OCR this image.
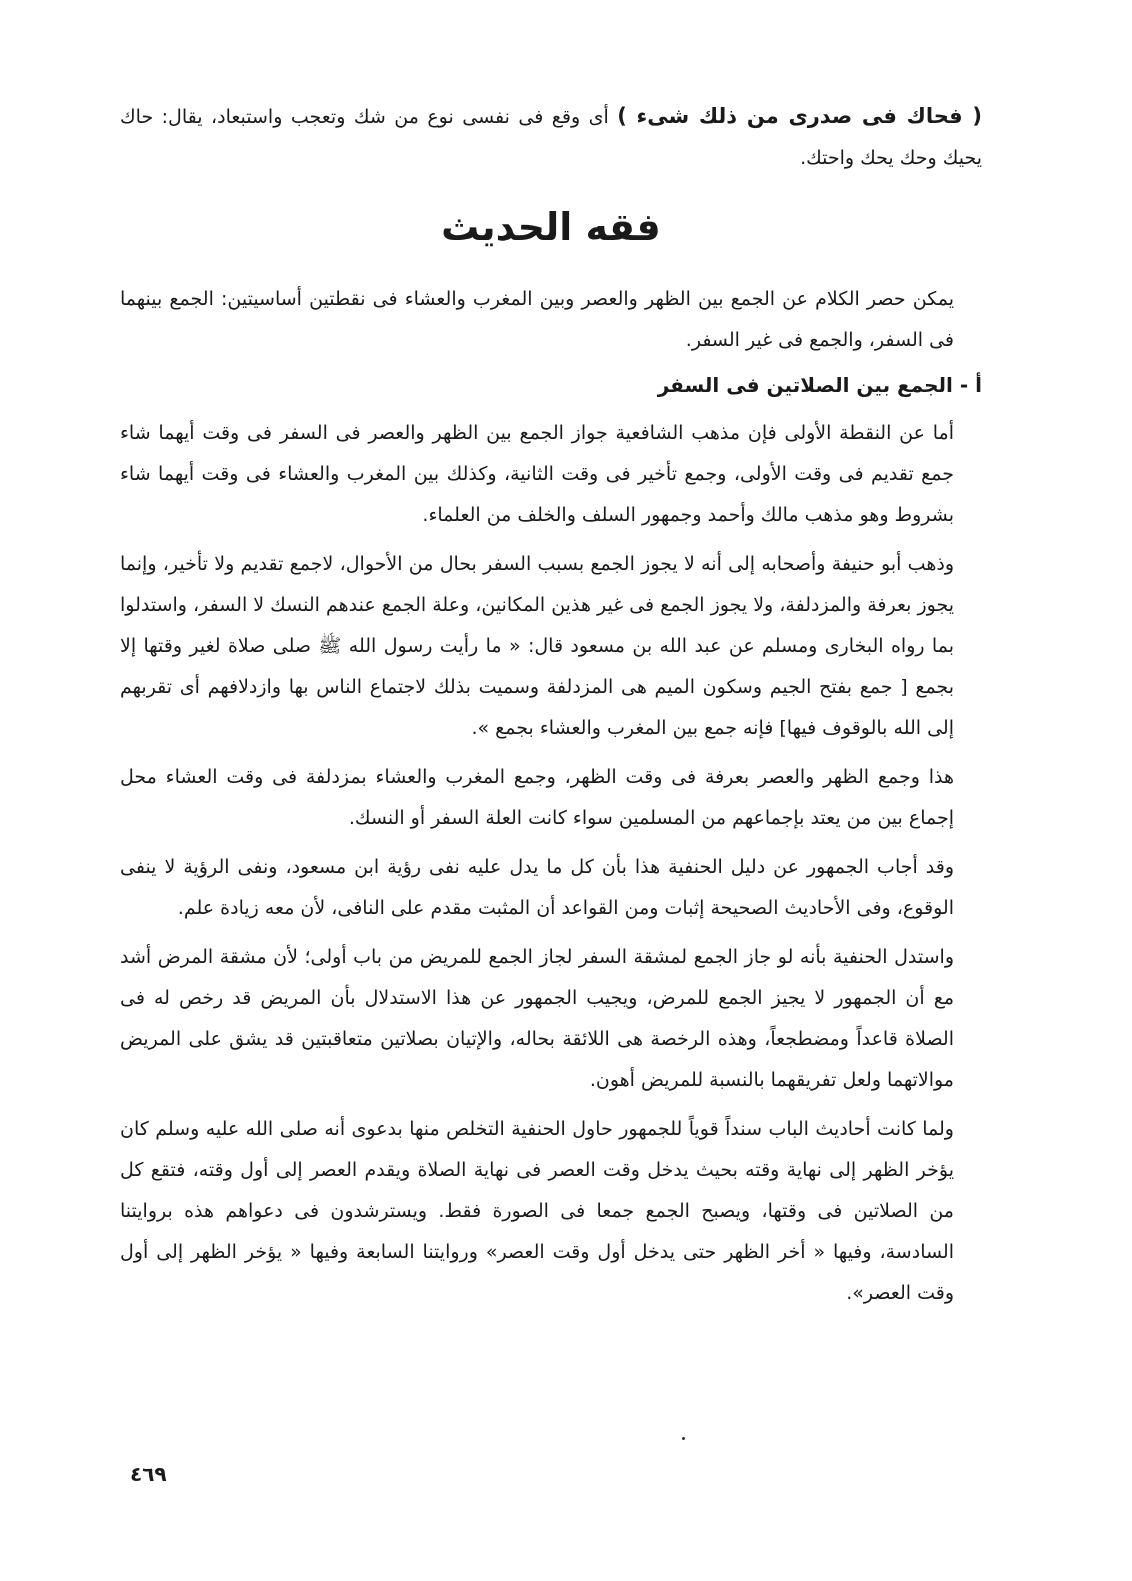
( فحاك فى صدرى من ذلك شىء ) أى وقع فى نفسى نوع من شك وتعجب واستبعاد، يقال: حاك يحيك وحك يحك واحتك.
فقه الحديث
يمكن حصر الكلام عن الجمع بين الظهر والعصر وبين المغرب والعشاء فى نقطتين أساسيتين: الجمع بينهما فى السفر، والجمع فى غير السفر.
أ - الجمع بين الصلاتين فى السفر
أما عن النقطة الأولى فإن مذهب الشافعية جواز الجمع بين الظهر والعصر فى السفر فى وقت أيهما شاء جمع تقديم فى وقت الأولى، وجمع تأخير فى وقت الثانية، وكذلك بين المغرب والعشاء فى وقت أيهما شاء بشروط وهو مذهب مالك وأحمد وجمهور السلف والخلف من العلماء.
وذهب أبو حنيفة وأصحابه إلى أنه لا يجوز الجمع بسبب السفر بحال من الأحوال، لاجمع تقديم ولا تأخير، وإنما يجوز بعرفة والمزدلفة، ولا يجوز الجمع فى غير هذين المكانين، وعلة الجمع عندهم النسك لا السفر، واستدلوا بما رواه البخارى ومسلم عن عبد الله بن مسعود قال: « ما رأيت رسول الله ﷺ صلى صلاة لغير وقتها إلا بجمع [ جمع بفتح الجيم وسكون الميم هى المزدلفة وسميت بذلك لاجتماع الناس بها وازدلافهم أى تقربهم إلى الله بالوقوف فيها] فإنه جمع بين المغرب والعشاء بجمع ».
هذا وجمع الظهر والعصر بعرفة فى وقت الظهر، وجمع المغرب والعشاء بمزدلفة فى وقت العشاء محل إجماع بين من يعتد بإجماعهم من المسلمين سواء كانت العلة السفر أو النسك.
وقد أجاب الجمهور عن دليل الحنفية هذا بأن كل ما يدل عليه نفى رؤية ابن مسعود، ونفى الرؤية لا ينفى الوقوع، وفى الأحاديث الصحيحة إثبات ومن القواعد أن المثبت مقدم على النافى، لأن معه زيادة علم.
واستدل الحنفية بأنه لو جاز الجمع لمشقة السفر لجاز الجمع للمريض من باب أولى؛ لأن مشقة المرض أشد مع أن الجمهور لا يجيز الجمع للمرض، ويجيب الجمهور عن هذا الاستدلال بأن المريض قد رخص له فى الصلاة قاعداً ومضطجعاً، وهذه الرخصة هى اللائقة بحاله، والإتيان بصلاتين متعاقبتين قد يشق على المريض موالاتهما ولعل تفريقهما بالنسبة للمريض أهون.
ولما كانت أحاديث الباب سنداً قوياً للجمهور حاول الحنفية التخلص منها بدعوى أنه صلى الله عليه وسلم كان يؤخر الظهر إلى نهاية وقته بحيث يدخل وقت العصر فى نهاية الصلاة ويقدم العصر إلى أول وقته، فتقع كل من الصلاتين فى وقتها، ويصبح الجمع جمعا فى الصورة فقط. ويسترشدون فى دعواهم هذه بروايتنا السادسة، وفيها « أخر الظهر حتى يدخل أول وقت العصر» وروايتنا السابعة وفيها « يؤخر الظهر إلى أول وقت العصر».
٤٦٩
